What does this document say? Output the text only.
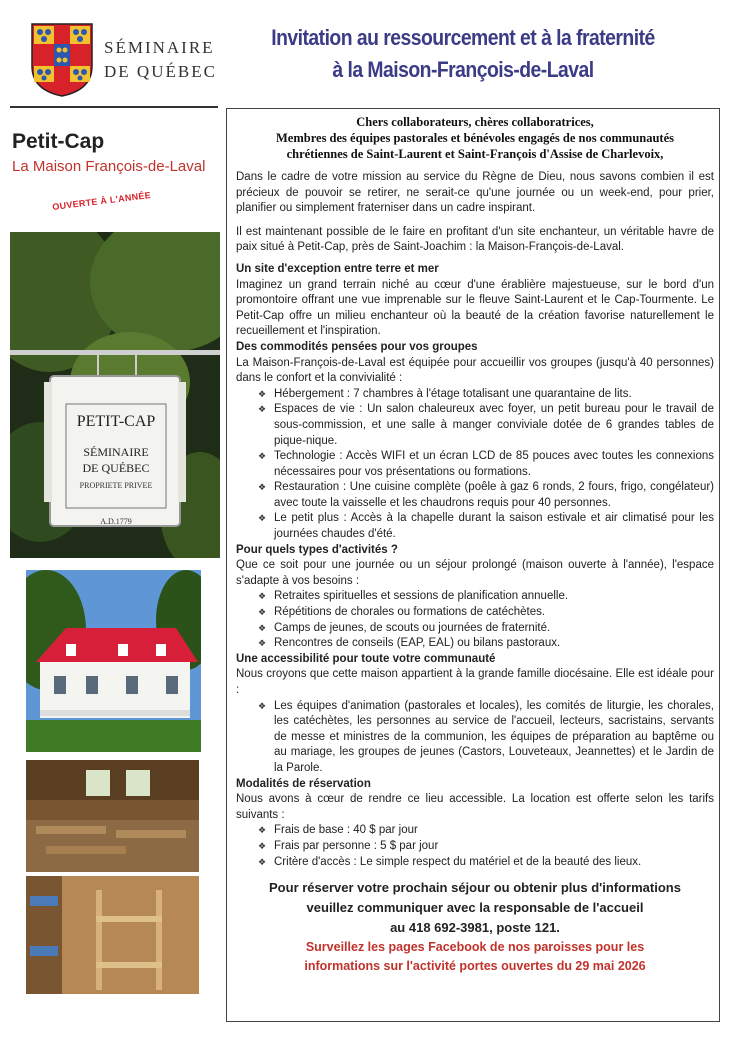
SÉMINAIRE
DE QUÉBEC
Invitation au ressourcement et à la fraternité
à la Maison-François-de-Laval
Petit-Cap
La Maison François-de-Laval
OUVERTE À L'ANNÉE
PETIT-CAP
SÉMINAIRE
DE QUÉBEC
PROPRIETE PRIVEE
A.D.1779

Chers collaborateurs, chères collaboratrices,

Membres des équipes pastorales et bénévoles engagés de nos communautés

chrétiennes de Saint-Laurent et Saint-François d'Assise de Charlevoix,

Dans le cadre de votre mission au service du Règne de Dieu, nous savons combien il est précieux de pouvoir se retirer, ne serait-ce qu'une journée ou un week-end, pour prier, planifier ou simplement fraterniser dans un cadre inspirant.

Il est maintenant possible de le faire en profitant d'un site enchanteur, un véritable havre de paix situé à Petit-Cap, près de Saint-Joachim : la Maison-François-de-Laval.

Un site d'exception entre terre et mer

Imaginez un grand terrain niché au cœur d'une érablière majestueuse, sur le bord d'un promontoire offrant une vue imprenable sur le fleuve Saint-Laurent et le Cap-Tourmente. Le Petit-Cap offre un milieu enchanteur où la beauté de la création favorise naturellement le recueillement et l'inspiration.

Des commodités pensées pour vos groupes

La Maison-François-de-Laval est équipée pour accueillir vos groupes (jusqu'à 40 personnes) dans le confort et la convivialité :

❖ Hébergement : 7 chambres à l'étage totalisant une quarantaine de lits.
❖ Espaces de vie : Un salon chaleureux avec foyer, un petit bureau pour le travail de sous-commission, et une salle à manger conviviale dotée de 6 grandes tables de pique-nique.
❖ Technologie : Accès WIFI et un écran LCD de 85 pouces avec toutes les connexions nécessaires pour vos présentations ou formations.
❖ Restauration : Une cuisine complète (poêle à gaz 6 ronds, 2 fours, frigo, congélateur) avec toute la vaisselle et les chaudrons requis pour 40 personnes.
❖ Le petit plus : Accès à la chapelle durant la saison estivale et air climatisé pour les journées chaudes d'été.

Pour quels types d'activités ?

Que ce soit pour une journée ou un séjour prolongé (maison ouverte à l'année), l'espace s'adapte à vos besoins :

❖ Retraites spirituelles et sessions de planification annuelle.
❖ Répétitions de chorales ou formations de catéchètes.
❖ Camps de jeunes, de scouts ou journées de fraternité.
❖ Rencontres de conseils (EAP, EAL) ou bilans pastoraux.

Une accessibilité pour toute votre communauté

Nous croyons que cette maison appartient à la grande famille diocésaine. Elle est idéale pour :

❖ Les équipes d'animation (pastorales et locales), les comités de liturgie, les chorales, les catéchètes, les personnes au service de l'accueil, lecteurs, sacristains, servants de messe et ministres de la communion, les équipes de préparation au baptême ou au mariage, les groupes de jeunes (Castors, Louveteaux, Jeannettes) et le Jardin de la Parole.

Modalités de réservation

Nous avons à cœur de rendre ce lieu accessible. La location est offerte selon les tarifs suivants :

❖ Frais de base : 40 $ par jour
❖ Frais par personne : 5 $ par jour
❖ Critère d'accès : Le simple respect du matériel et de la beauté des lieux.
Pour réserver votre prochain séjour ou obtenir plus d'informations
veuillez communiquer avec la responsable de l'accueil
au 418 692-3981, poste 121.
Surveillez les pages Facebook de nos paroisses pour les
informations sur l'activité portes ouvertes du 29 mai 2026
